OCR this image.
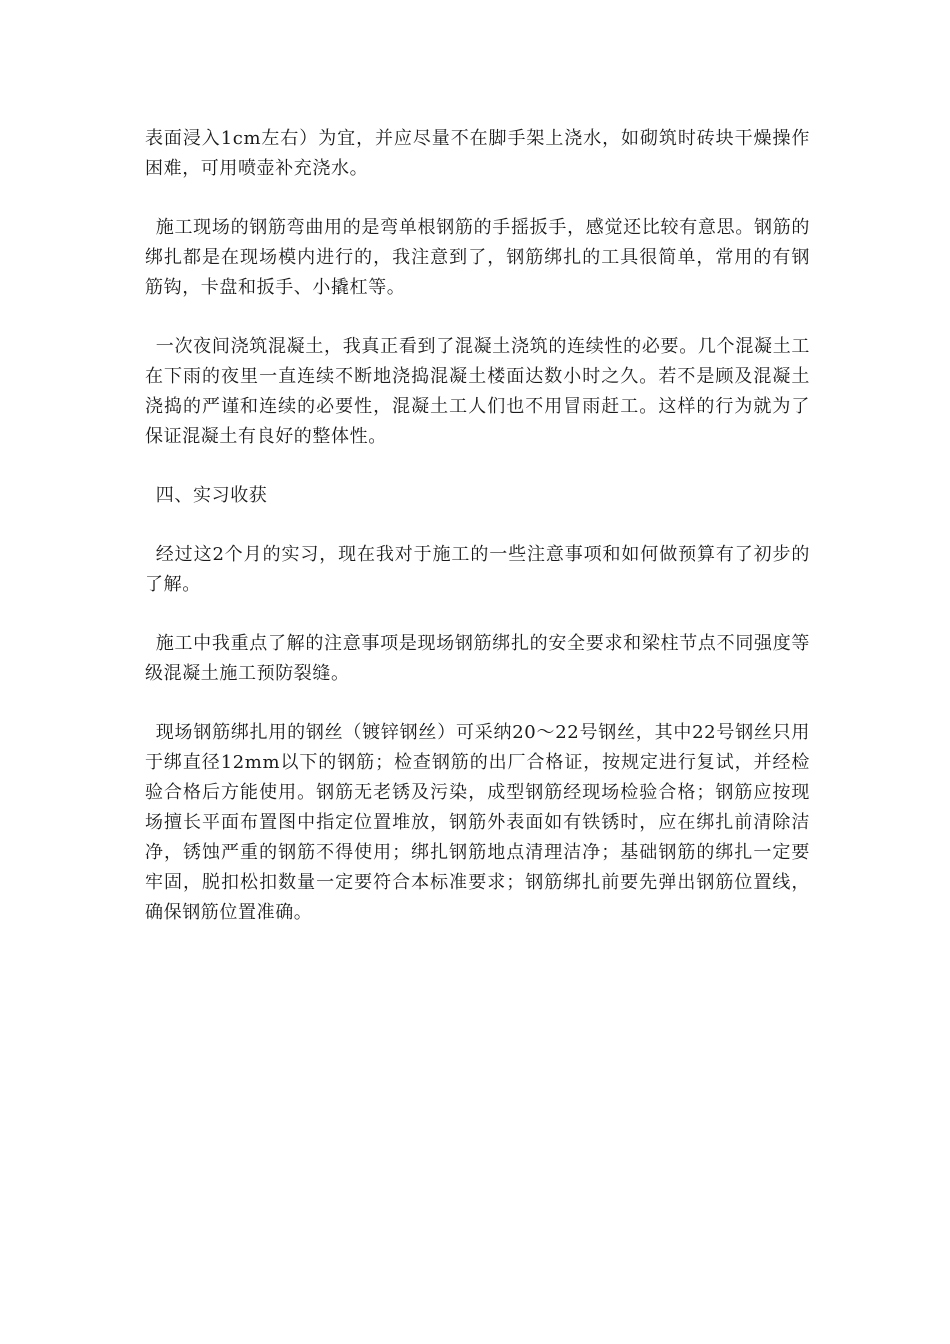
表面浸入1cm左右）为宜，并应尽量不在脚手架上浇水，如砌筑时砖块干燥操作困难，可用喷壶补充浇水。

施工现场的钢筋弯曲用的是弯单根钢筋的手摇扳手，感觉还比较有意思。钢筋的绑扎都是在现场模内进行的，我注意到了，钢筋绑扎的工具很简单，常用的有钢筋钩，卡盘和扳手、小撬杠等。

一次夜间浇筑混凝土，我真正看到了混凝土浇筑的连续性的必要。几个混凝土工在下雨的夜里一直连续不断地浇捣混凝土楼面达数小时之久。若不是顾及混凝土浇捣的严谨和连续的必要性，混凝土工人们也不用冒雨赶工。这样的行为就为了保证混凝土有良好的整体性。

四、实习收获

经过这2个月的实习，现在我对于施工的一些注意事项和如何做预算有了初步的了解。

施工中我重点了解的注意事项是现场钢筋绑扎的安全要求和梁柱节点不同强度等级混凝土施工预防裂缝。

现场钢筋绑扎用的钢丝（镀锌钢丝）可采纳20～22号钢丝，其中22号钢丝只用于绑直径12mm以下的钢筋；检查钢筋的出厂合格证，按规定进行复试，并经检验合格后方能使用。钢筋无老锈及污染，成型钢筋经现场检验合格；钢筋应按现场擅长平面布置图中指定位置堆放，钢筋外表面如有铁锈时，应在绑扎前清除洁净，锈蚀严重的钢筋不得使用；绑扎钢筋地点清理洁净；基础钢筋的绑扎一定要牢固，脱扣松扣数量一定要符合本标准要求；钢筋绑扎前要先弹出钢筋位置线，确保钢筋位置准确。
